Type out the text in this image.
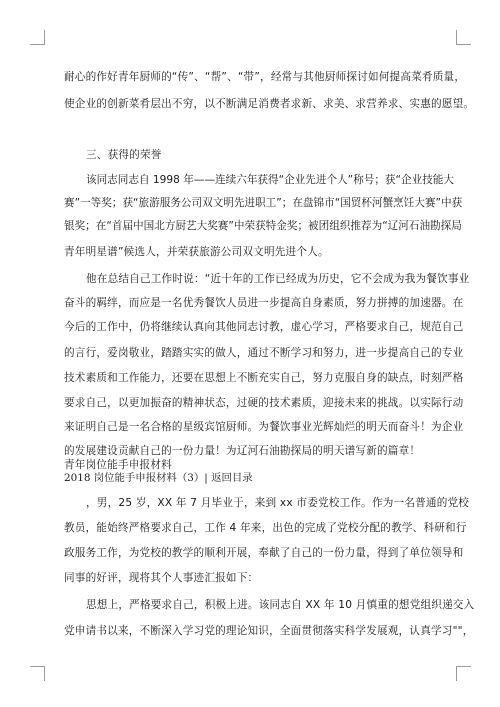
耐心的作好青年厨师的“传”、“帮”、“带”，经常与其他厨师探讨如何提高菜肴质量，
使企业的创新菜肴层出不穷，以不断满足消费者求新、求美、求营养求、实惠的愿望。
三、获得的荣誉
该同志同志自 1998 年——连续六年获得“企业先进个人”称号；获“企业技能大
赛”一等奖；获“旅游服务公司双文明先进职工”；在盘锦市“国贸杯河蟹烹饪大赛”中获
银奖；在“首届中国北方厨艺大奖赛”中荣获特金奖；被团组织推荐为“辽河石油勘探局
青年明星谱”候选人，并荣获旅游公司双文明先进个人。
他在总结自己工作时说：“近十年的工作已经成为历史，它不会成为我为餐饮事业
奋斗的羁绊，而应是一名优秀餐饮人员进一步提高自身素质，努力拼搏的加速器。在
今后的工作中，仍将继续认真向其他同志讨教，虚心学习，严格要求自己，规范自己
的言行，爱岗敬业，踏踏实实的做人，通过不断学习和努力，进一步提高自己的专业
技术素质和工作能力，还要在思想上不断充实自己，努力克服自身的缺点，时刻严格
要求自己，以更加振奋的精神状态，过硬的技术素质，迎接未来的挑战。以实际行动
来证明自己是一名合格的星级宾馆厨师。为餐饮事业光辉灿烂的明天而奋斗！为企业
的发展建设贡献自己的一份力量！为辽河石油勘探局的明天谱写新的篇章！
青年岗位能手申报材料
2018 岗位能手申报材料（3）| 返回目录
，男，25 岁，XX 年 7 月毕业于，来到 xx 市委党校工作。作为一名普通的党校
教员，能始终严格要求自己，工作 4 年来，出色的完成了党校分配的教学、科研和行
政服务工作，为党校的教学的顺利开展，奉献了自己的一份力量，得到了单位领导和
同事的好评，现将其个人事迹汇报如下：
思想上，严格要求自己，积极上进。该同志自 XX 年 10 月慎重的想党组织递交入
党申请书以来，不断深入学习党的理论知识，全面贯彻落实科学发展观，认真学习""，
